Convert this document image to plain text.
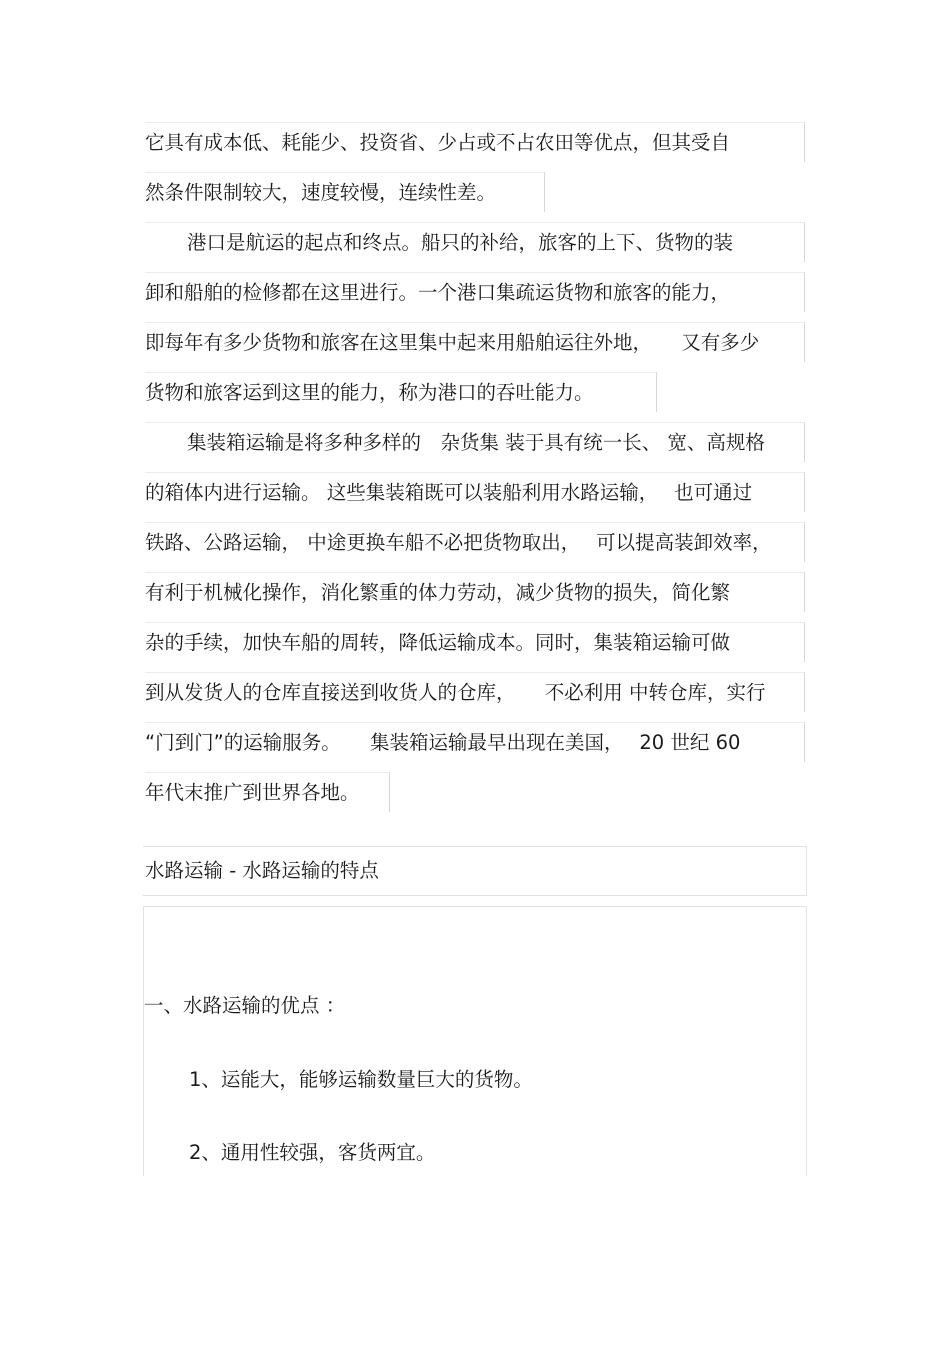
它具有成本低、耗能少、投资省、少占或不占农田等优点，但其受自
然条件限制较大，速度较慢，连续性差。
港口是航运的起点和终点。船只的补给，旅客的上下、货物的装
卸和船舶的检修都在这里进行。一个港口集疏运货物和旅客的能力，
即每年有多少货物和旅客在这里集中起来用船舶运往外地，　　又有多少
货物和旅客运到这里的能力，称为港口的吞吐能力。
集装箱运输是将多种多样的　杂货集 装于具有统一长、 宽、高规格
的箱体内进行运输。 这些集装箱既可以装船利用水路运输，　 也可通过
铁路、公路运输， 中途更换车船不必把货物取出，　 可以提高装卸效率，
有利于机械化操作，消化繁重的体力劳动，减少货物的损失，简化繁
杂的手续，加快车船的周转，降低运输成本。同时，集装箱运输可做
到从发货人的仓库直接送到收货人的仓库，　　不必利用 中转仓库，实行
“门到门”的运输服务。　　集装箱运输最早出现在美国，　 20 世纪 60
年代末推广到世界各地。
水路运输 - 水路运输的特点
一、水路运输的优点 ：
1、运能大，能够运输数量巨大的货物。
2、通用性较强，客货两宜。
